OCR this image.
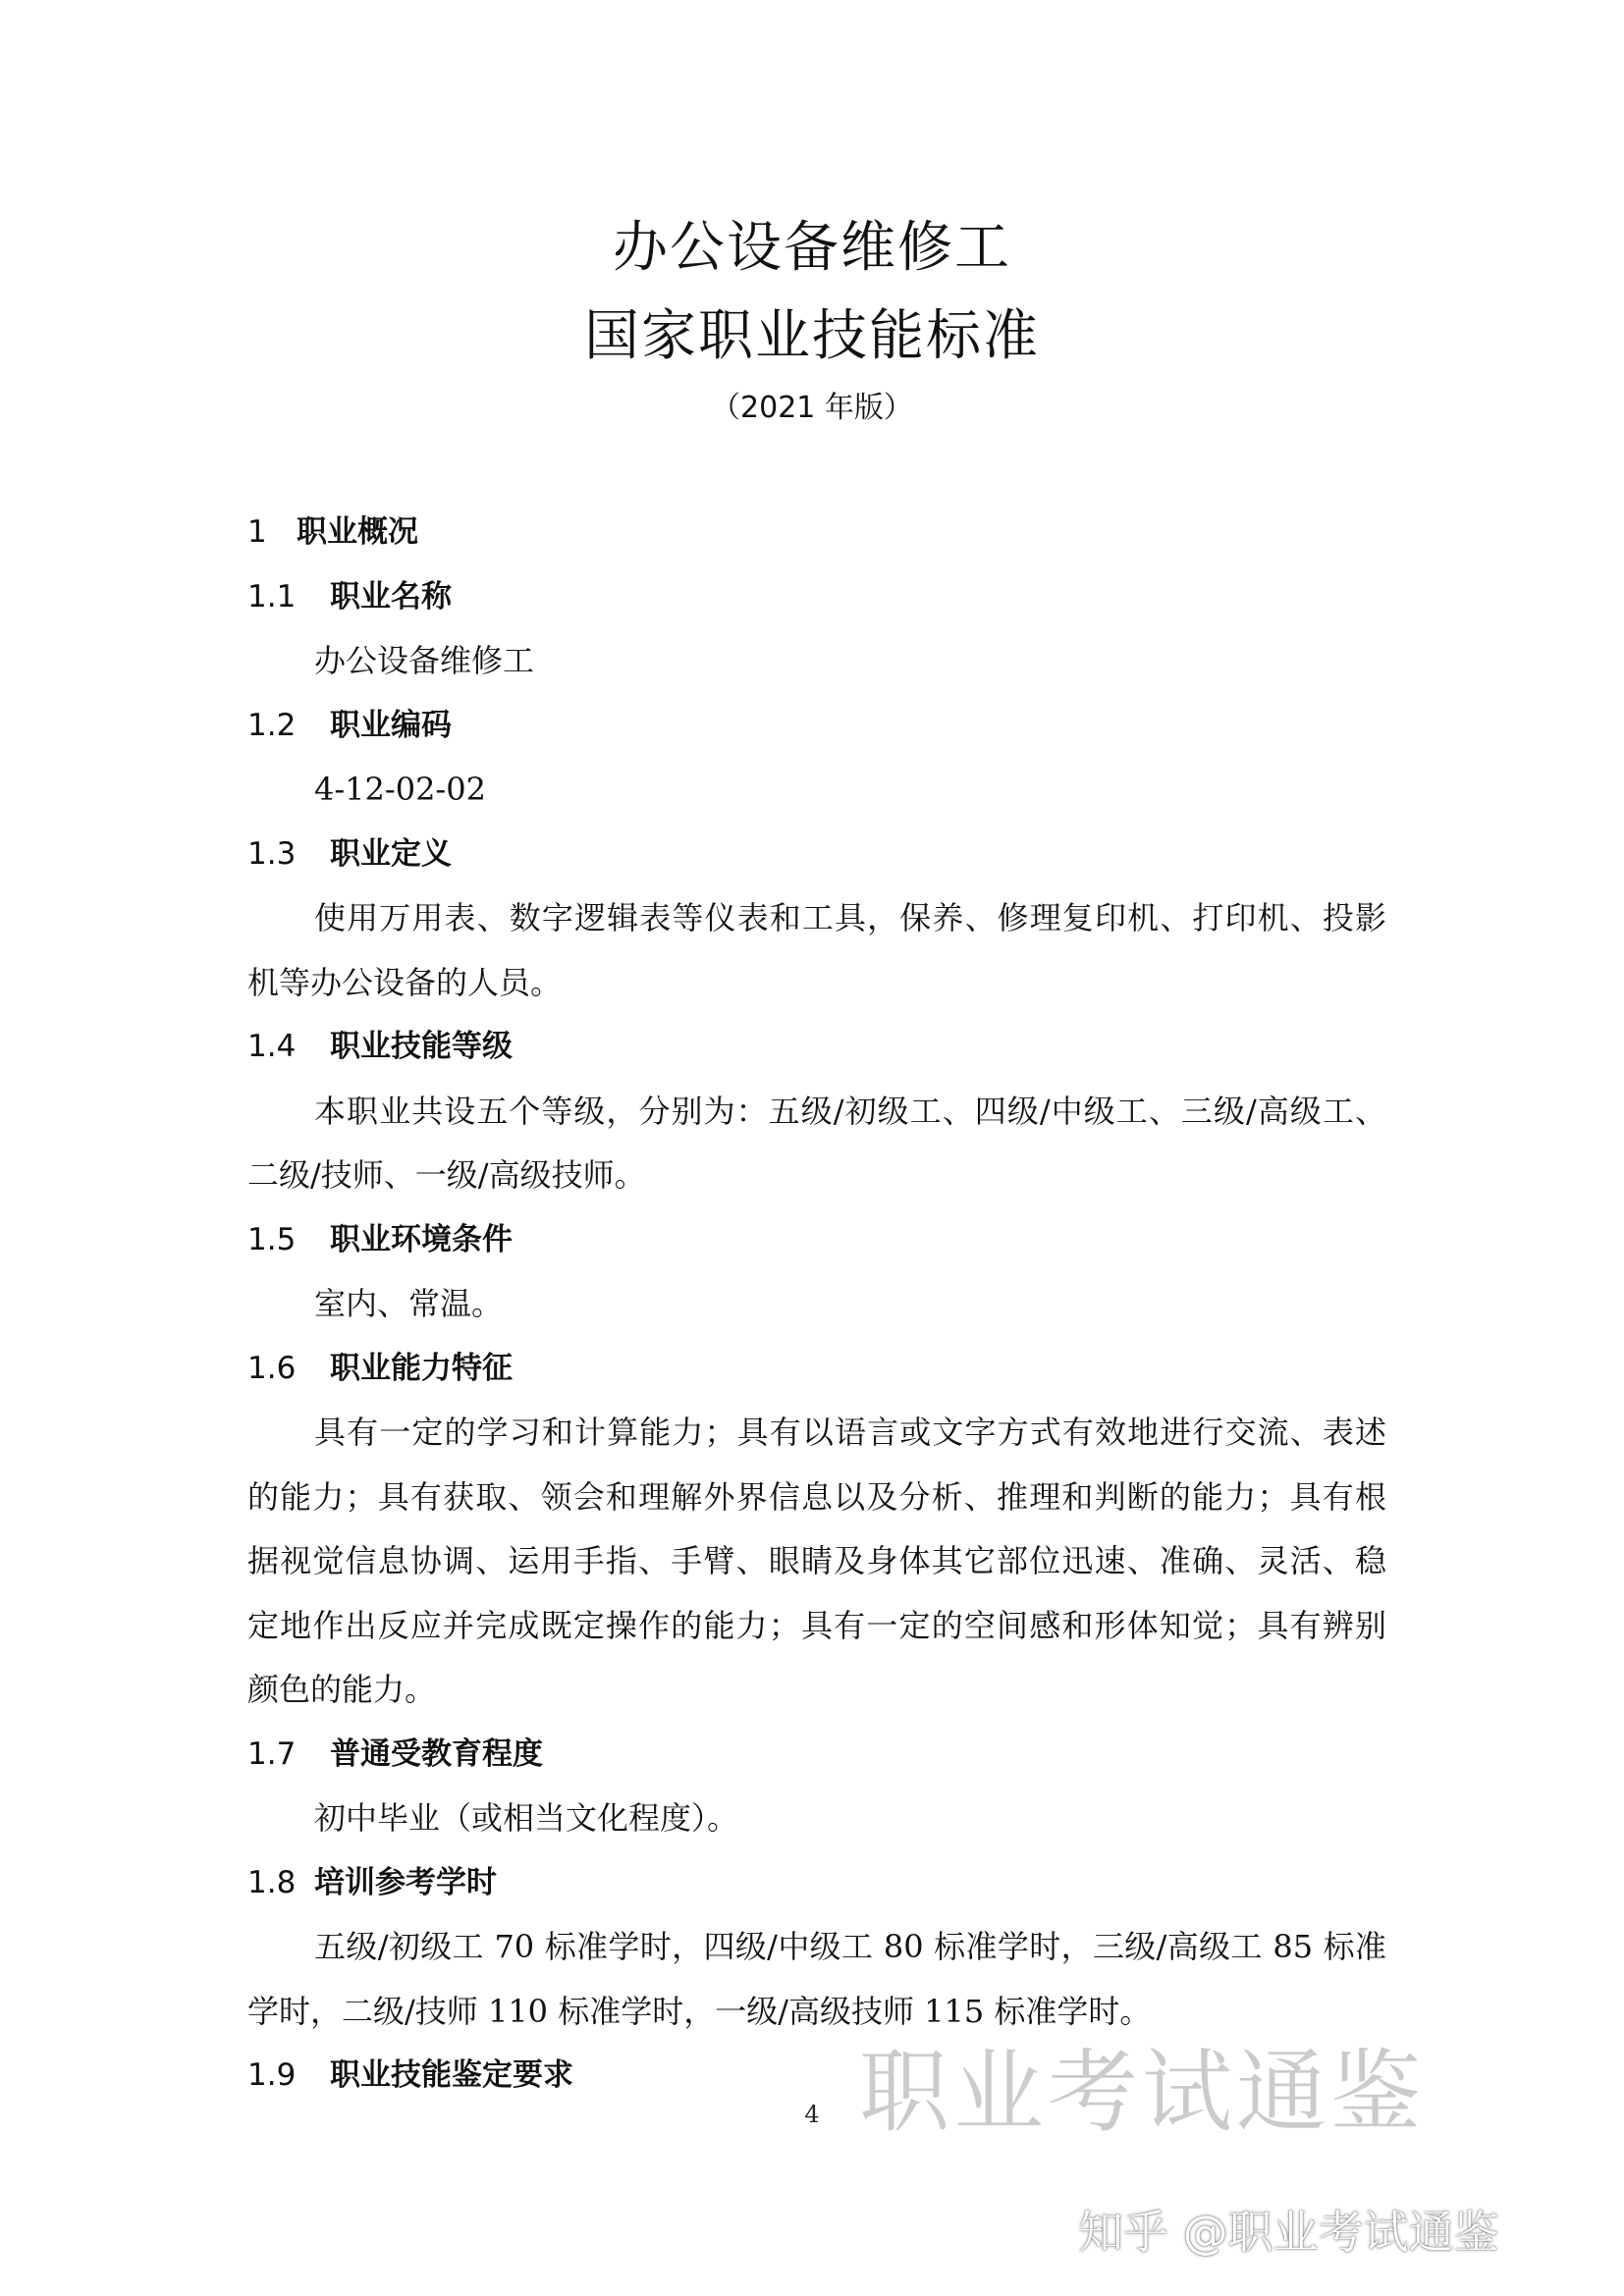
办公设备维修工
国家职业技能标准
（2021 年版）
1 职业概况
1.1 职业名称
办公设备维修工
1.2 职业编码
4-12-02-02
1.3 职业定义
使用万用表、数字逻辑表等仪表和工具，保养、修理复印机、打印机、投影
机等办公设备的人员。
1.4 职业技能等级
本职业共设五个等级，分别为：五级/初级工、四级/中级工、三级/高级工、
二级/技师、一级/高级技师。
1.5 职业环境条件
室内、常温。
1.6 职业能力特征
具有一定的学习和计算能力；具有以语言或文字方式有效地进行交流、表述
的能力；具有获取、领会和理解外界信息以及分析、推理和判断的能力；具有根
据视觉信息协调、运用手指、手臂、眼睛及身体其它部位迅速、准确、灵活、稳
定地作出反应并完成既定操作的能力；具有一定的空间感和形体知觉；具有辨别
颜色的能力。
1.7 普通受教育程度
初中毕业（或相当文化程度）。
1.8 培训参考学时
五级/初级工 70 标准学时，四级/中级工 80 标准学时，三级/高级工 85 标准
学时，二级/技师 110 标准学时，一级/高级技师 115 标准学时。
1.9 职业技能鉴定要求	职业考试通鉴
4
知乎 @职业考试通鉴
